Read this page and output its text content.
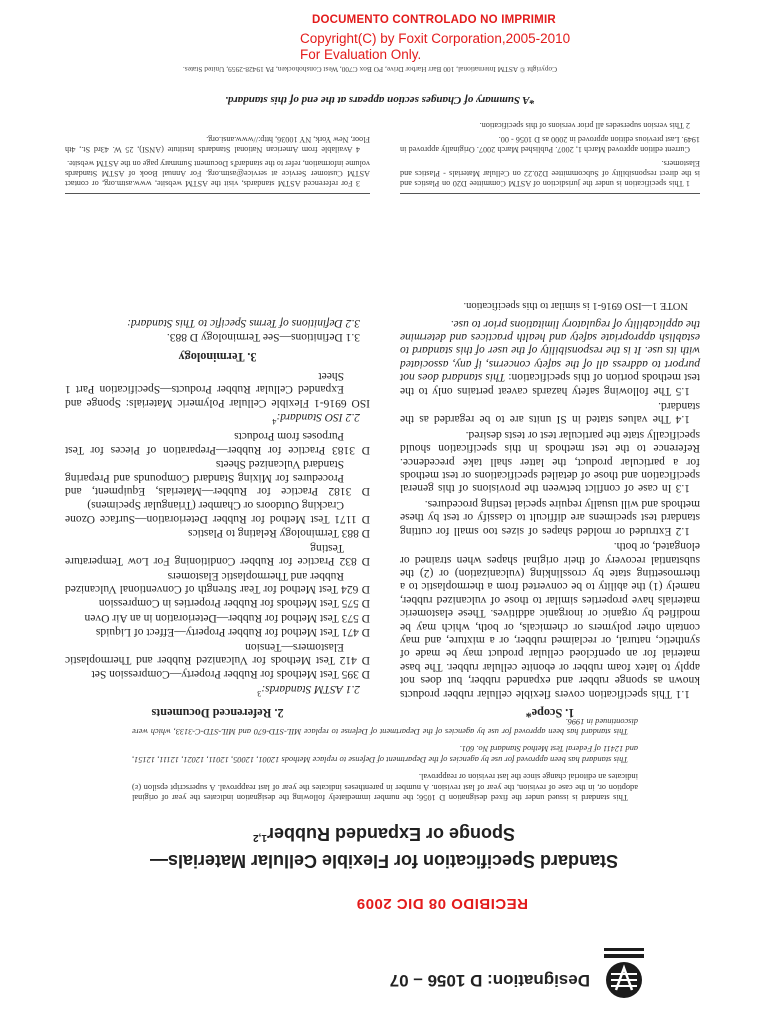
DOCUMENTO CONTROLADO NO IMPRIMIR
Copyright(C) by Foxit Corporation,2005-2010
For Evaluation Only.
Designation: D 1056 – 07
RECIBIDO 08 DIC 2009
Standard Specification for Flexible Cellular Materials—Sponge or Expanded Rubber$^{1,2}$

This standard is issued under the fixed designation D 1056; the number immediately following the designation indicates the year of original adoption or, in the case of revision, the year of last revision. A number in parentheses indicates the year of last reapproval. A superscript epsilon (ε) indicates an editorial change since the last revision or reapproval.

This standard has been approved for use by agencies of the Department of Defense to replace Methods 12001, 12005, 12011, 12021, 12111, 12151, and 12411 of Federal Test Method Standard No. 601.

This standard has been approved for use by agencies of the Department of Defense to replace MIL-STD-670 and MIL-STD-C-3133, which were discontinued in 1996.

1. Scope*

1.1 This specification covers flexible cellular rubber products known as sponge rubber and expanded rubber, but does not apply to latex foam rubber or ebonite cellular rubber. The base material for an openfcloed cellular product may be made of synthetic, natural, or reclaimed rubber, or a mixture, and may contain other polymers or chemicals, or both, which may be modified by organic or inorganic additives. These elastomeric materials have properties similar to those of vulcanized rubber, namely (1) the ability to be converted from a thermoplastic to a thermosetting state by crosslinking (vulcanization) or (2) the substantial recovery of their original shapes when strained or elongated, or both.

1.2 Extruded or molded shapes of sizes too small for cutting standard test specimens are difficult to classify or test by these methods and will usually require special testing procedures.

1.3 In case of conflict between the provisions of this general specification and those of detailed specifications or test methods for a particular product, the latter shall take precedence. Reference to the test methods in this specification should specifically state the particular test or tests desired.

1.4 The values stated in SI units are to be regarded as the standard.

1.5 The following safety hazards caveat pertains only to the test methods portion of this specification: This standard does not purport to address all of the safety concerns, if any, associated with its use. It is the responsibility of the user of this standard to establish appropriate safety and health practices and determine the applicability of regulatory limitations prior to use.

NOTE 1—ISO 6916-1 is similar to this specification.

2. Referenced Documents

2.1 ASTM Standards:$^3$

D 395 Test Methods for Rubber Property—Compression Set

D 412 Test Methods for Vulcanized Rubber and Thermoplastic Elastomers—Tension

D 471 Test Method for Rubber Property—Effect of Liquids

D 573 Test Method for Rubber—Deterioration in an Air Oven

D 575 Test Methods for Rubber Properties in Compression

D 624 Test Method for Tear Strength of Conventional Vulcanized Rubber and Thermoplastic Elastomers

D 832 Practice for Rubber Conditioning For Low Temperature Testing

D 883 Terminology Relating to Plastics

D 1171 Test Method for Rubber Deterioration—Surface Ozone Cracking Outdoors or Chamber (Triangular Specimens)

D 3182 Practice for Rubber—Materials, Equipment, and Procedures for Mixing Standard Compounds and Preparing Standard Vulcanized Sheets

D 3183 Practice for Rubber—Preparation of Pieces for Test Purposes from Products

2.2 ISO Standard:$^4$

ISO 6916-1 Flexible Cellular Polymeric Materials: Sponge and Expanded Cellular Rubber Products—Specification Part 1 Sheet

3. Terminology

3.1 Definitions—See Terminology D 883.

3.2 Definitions of Terms Specific to This Standard:

1 This specification is under the jurisdiction of ASTM Committee D20 on Plastics and is the direct responsibility of Subcommittee D20.22 on Cellular Materials - Plastics and Elastomers.

Current edition approved March 1, 2007. Published March 2007. Originally approved in 1949. Last previous edition approved in 2000 as D 1056 - 00.

2 This version supersedes all prior versions of this specification.

3 For referenced ASTM standards, visit the ASTM website, www.astm.org, or contact ASTM Customer Service at service@astm.org. For Annual Book of ASTM Standards volume information, refer to the standard's Document Summary page on the ASTM website.

4 Available from American National Standards Institute (ANSI), 25 W. 43rd St., 4th Floor, New York, NY 10036, http://www.ansi.org.

*A Summary of Changes section appears at the end of this standard.
Copyright © ASTM International, 100 Barr Harbor Drive, PO Box C700, West Conshohocken, PA 19428-2959, United States.
